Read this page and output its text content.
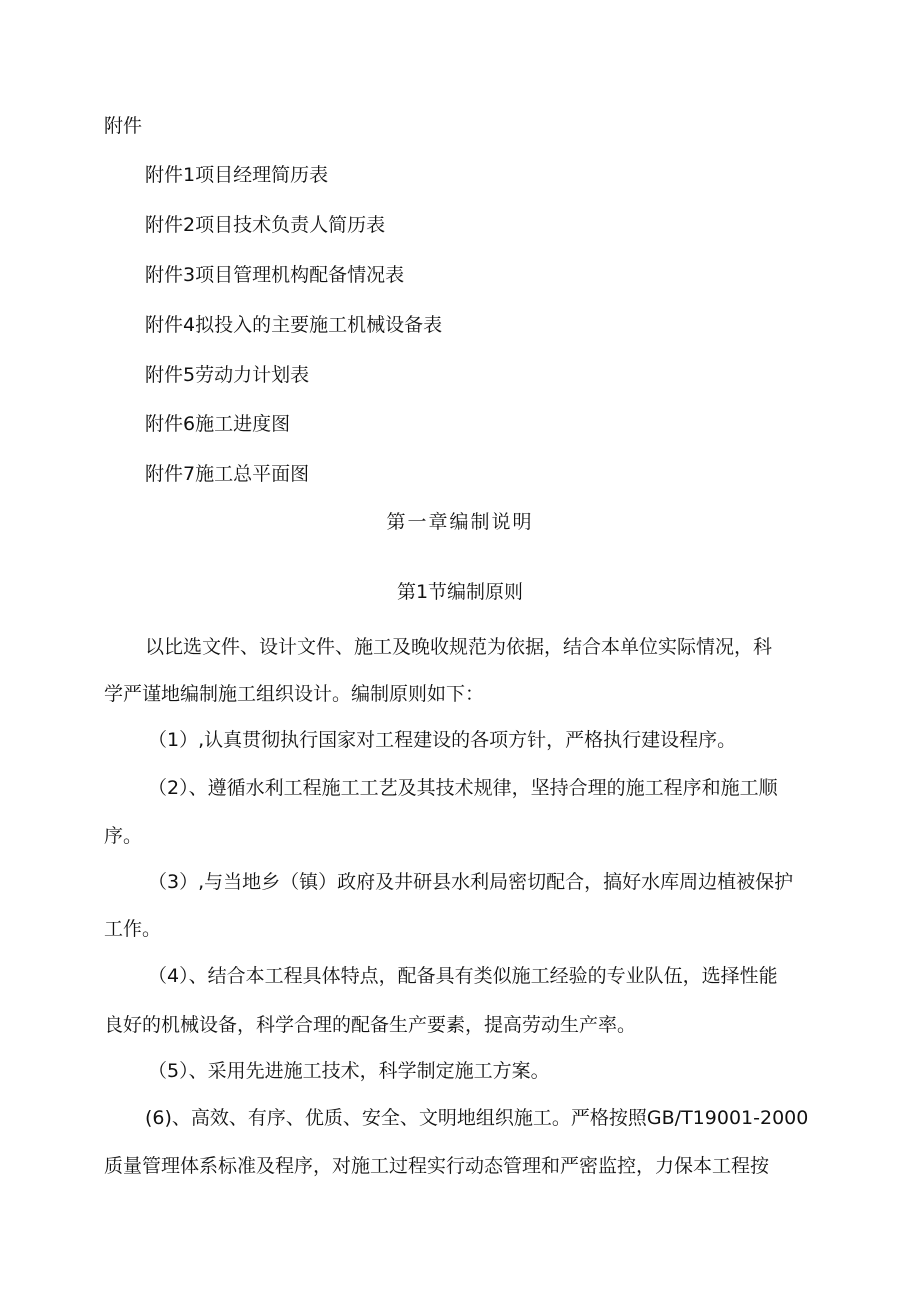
附件
附件1项目经理简历表
附件2项目技术负责人简历表
附件3项目管理机构配备情况表
附件4拟投入的主要施工机械设备表
附件5劳动力计划表
附件6施工进度图
附件7施工总平面图
第一章编制说明
第1节编制原则
以比选文件、设计文件、施工及晚收规范为依据，结合本单位实际情况，科
学严谨地编制施工组织设计。编制原则如下：
（1）,认真贯彻执行国家对工程建设的各项方针，严格执行建设程序。
（2）、遵循水利工程施工工艺及其技术规律，坚持合理的施工程序和施工顺
序。
（3）,与当地乡（镇）政府及井研县水利局密切配合，搞好水库周边植被保护
工作。
（4）、结合本工程具体特点，配备具有类似施工经验的专业队伍，选择性能
良好的机械设备，科学合理的配备生产要素，提高劳动生产率。
（5）、采用先进施工技术，科学制定施工方案。
(6)、高效、有序、优质、安全、文明地组织施工。严格按照GB/T19001-2000
质量管理体系标准及程序，对施工过程实行动态管理和严密监控，力保本工程按
